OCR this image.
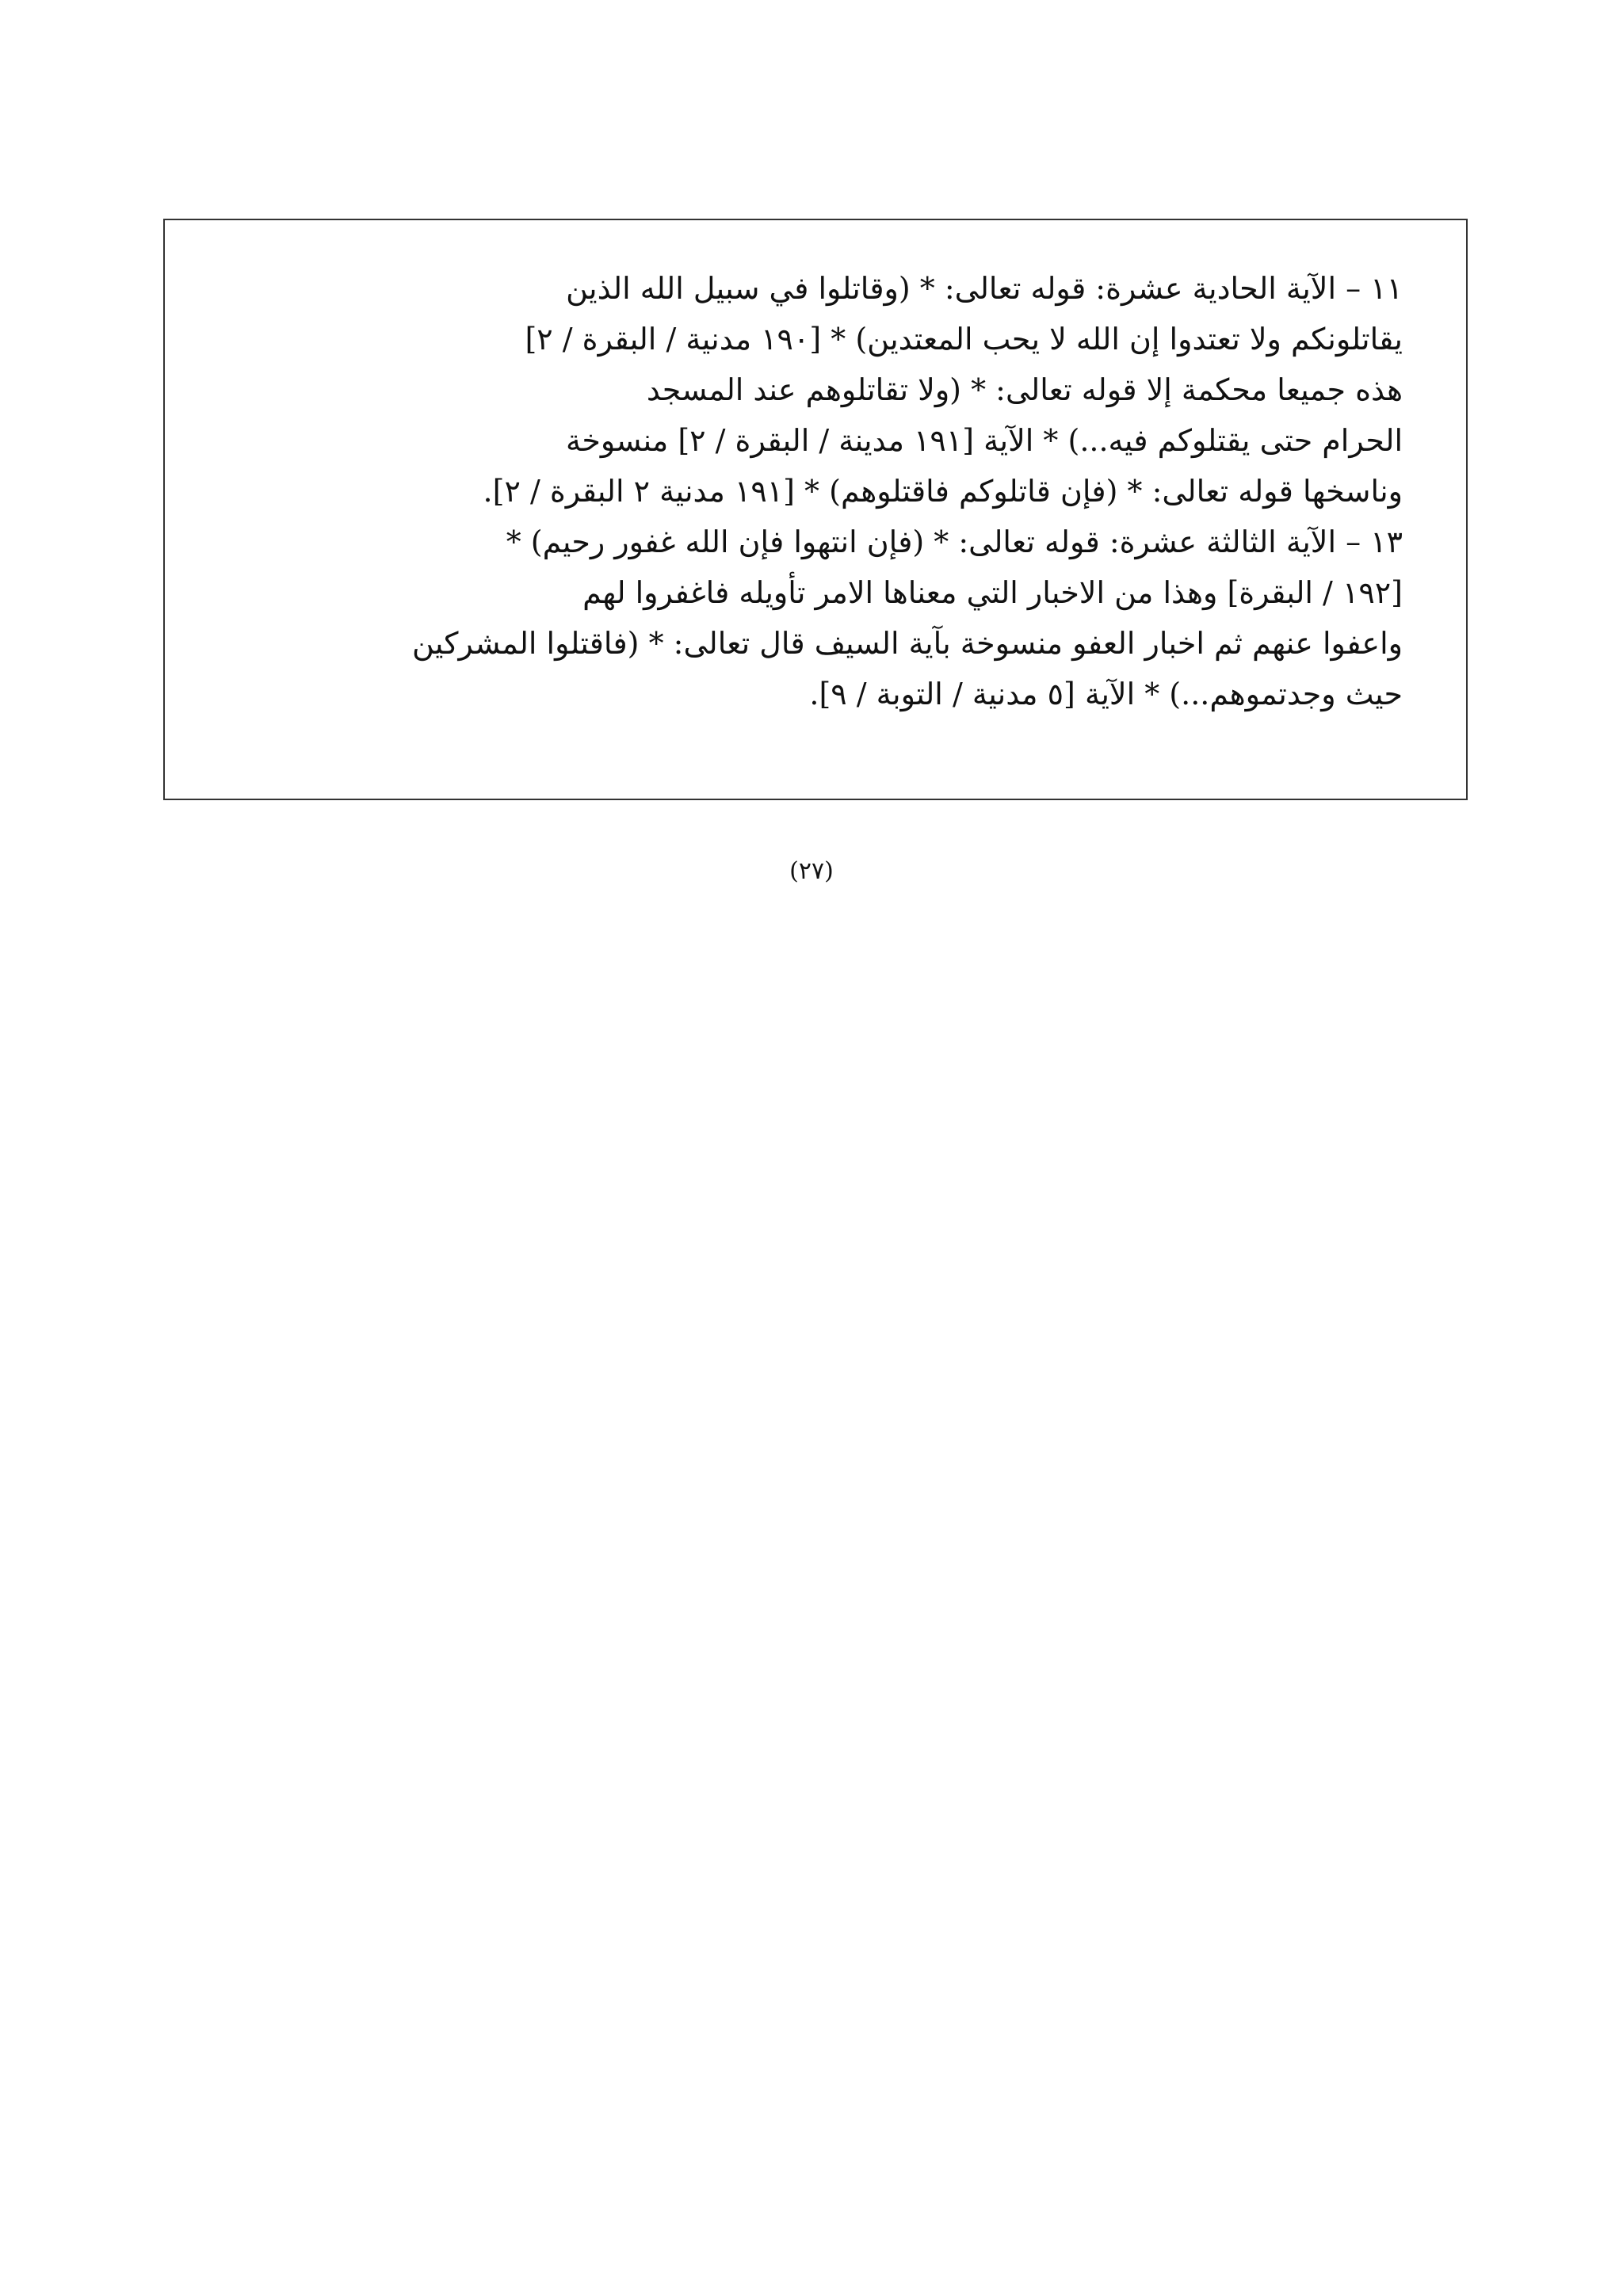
١١ – الآية الحادية عشرة: قوله تعالى: * (وقاتلوا في سبيل الله الذين
يقاتلونكم ولا تعتدوا إن الله لا يحب المعتدين) * [١٩٠ مدنية / البقرة / ٢]
هذه جميعا محكمة إلا قوله تعالى: * (ولا تقاتلوهم عند المسجد
الحرام حتى يقتلوكم فيه...) * الآية [١٩١ مدينة / البقرة / ٢] منسوخة
وناسخها قوله تعالى: * (فإن قاتلوكم فاقتلوهم) * [١٩١ مدنية ٢ البقرة / ٢].
١٣ – الآية الثالثة عشرة: قوله تعالى: * (فإن انتهوا فإن الله غفور رحيم) *
[١٩٢ / البقرة] وهذا من الاخبار التي معناها الامر تأويله فاغفروا لهم
واعفوا عنهم ثم اخبار العفو منسوخة بآية السيف قال تعالى: * (فاقتلوا المشركين
حيث وجدتموهم...) * الآية [٥ مدنية / التوبة / ٩].
(٢٧)
